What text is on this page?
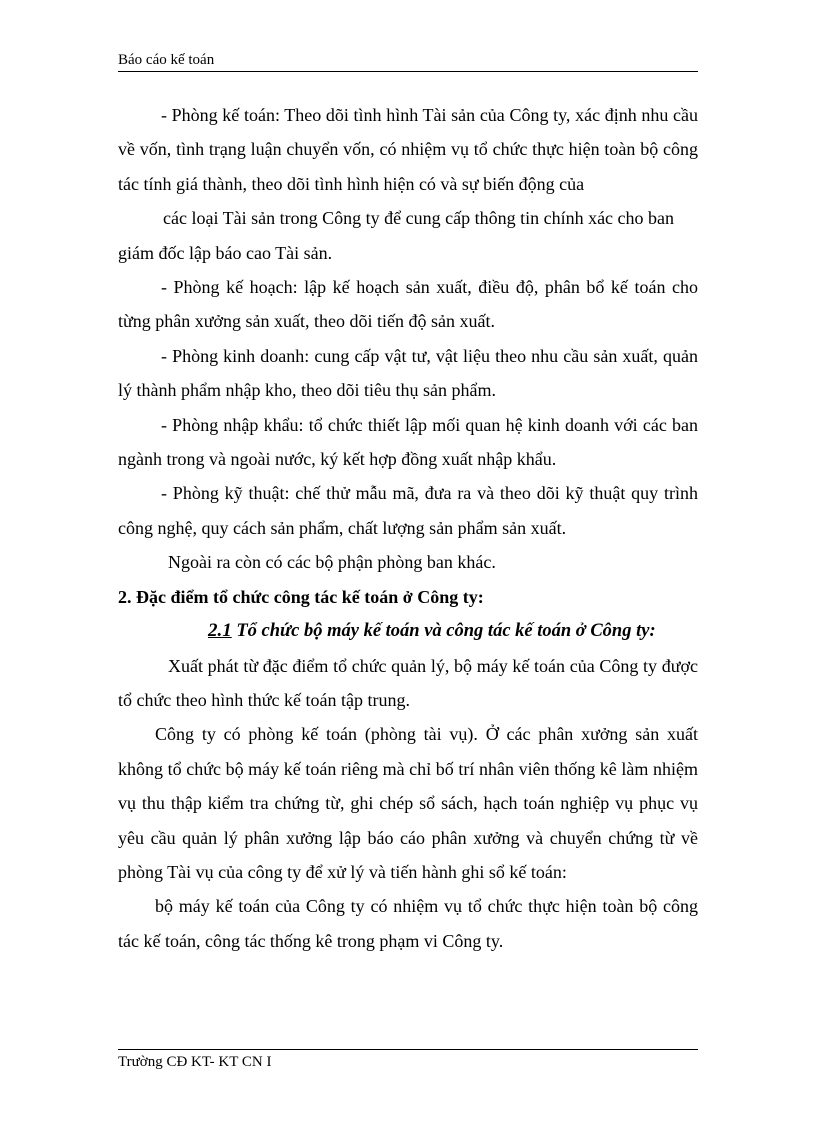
Báo cáo kế toán

- Phòng kế toán: Theo dõi tình hình Tài sản của Công ty, xác định nhu cầu về vốn, tình trạng luận chuyển vốn, có nhiệm vụ tổ chức thực hiện toàn bộ công tác tính giá thành, theo dõi tình hình hiện có và sự biến động của

các loại Tài sản trong Công ty để cung cấp thông tin chính xác cho ban

giám đốc lập báo cao Tài sản.

- Phòng kế hoạch: lập kế hoạch sản xuất, điều độ, phân bổ kế toán cho từng phân xưởng sản xuất, theo dõi tiến độ sản xuất.

- Phòng kinh doanh: cung cấp vật tư, vật liệu theo nhu cầu sản xuất, quản lý thành phẩm nhập kho, theo dõi tiêu thụ sản phẩm.

- Phòng nhập khẩu: tổ chức thiết lập mối quan hệ kinh doanh với các ban ngành trong và ngoài nước, ký kết hợp đồng xuất nhập khẩu.

- Phòng kỹ thuật: chế thử mẫu mã, đưa ra và theo dõi kỹ thuật quy trình công nghệ, quy cách sản phẩm, chất lượng sản phẩm sản xuất.

Ngoài ra còn có các bộ phận phòng ban khác.

2. Đặc điểm tổ chức công tác kế toán ở Công ty:

2.1 Tổ chức bộ máy kế toán và công tác kế toán ở Công ty:

Xuất phát từ đặc điểm tổ chức quản lý, bộ máy kế toán của Công ty được tổ chức theo hình thức kế toán tập trung.

Công ty có phòng kế toán (phòng tài vụ). Ở các phân xưởng sản xuất không tổ chức bộ máy kế toán riêng mà chỉ bố trí nhân viên thống kê làm nhiệm vụ thu thập kiểm tra chứng từ, ghi chép sổ sách, hạch toán nghiệp vụ phục vụ yêu cầu quản lý phân xưởng lập báo cáo phân xưởng và chuyển chứng từ về phòng Tài vụ của công ty để xử lý và tiến hành ghi sổ kế toán:

bộ máy kế toán của Công ty có nhiệm vụ tổ chức thực hiện toàn bộ công tác kế toán, công tác thống kê trong phạm vi Công ty.

Trường CĐ KT- KT CN I
